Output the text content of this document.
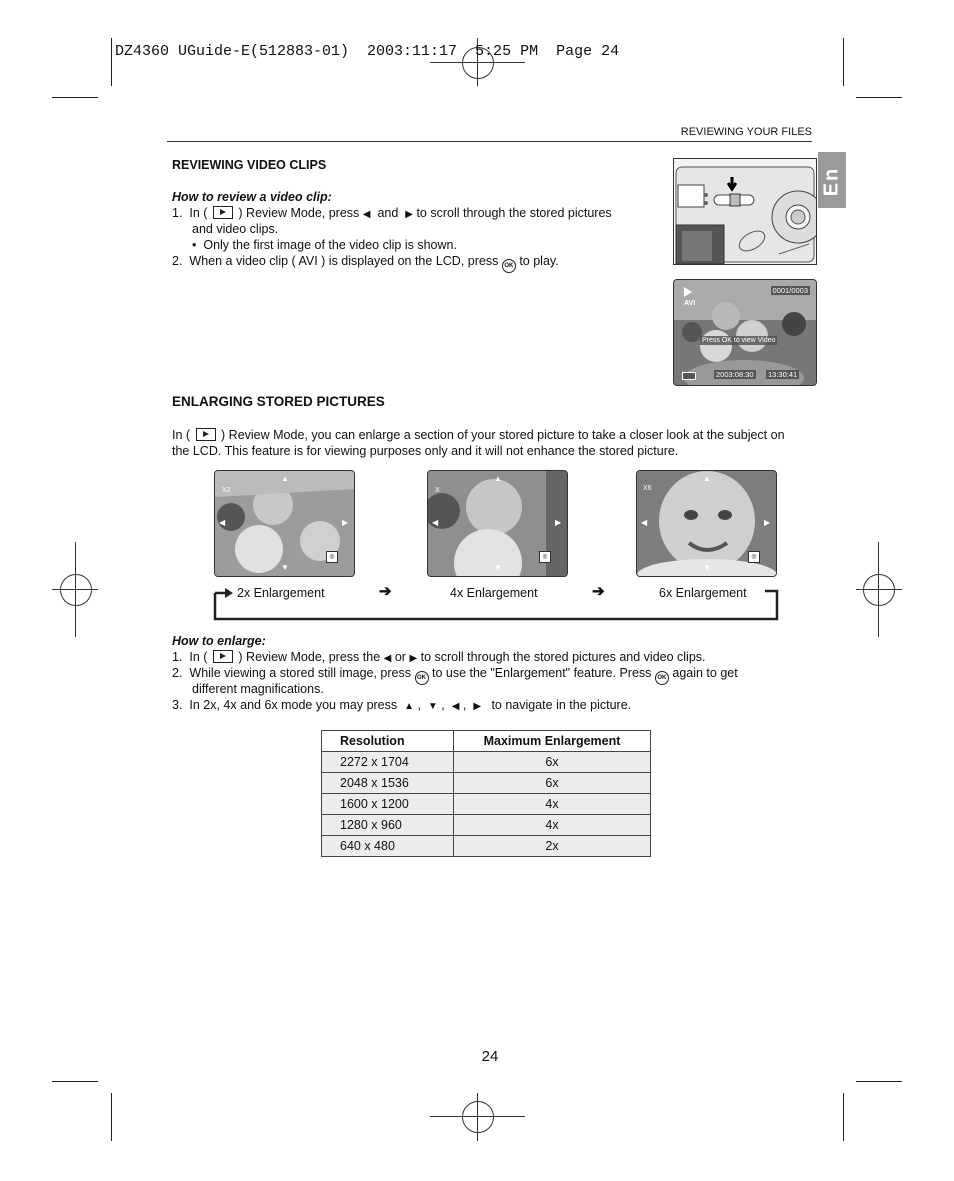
DZ4360 UGuide-E(512883-01)  2003:11:17  5:25 PM  Page 24
REVIEWING YOUR FILES
En
REVIEWING VIDEO CLIPS
How to review a video clip:
1. In ( ) Review Mode, press ◀ and ▶ to scroll through the stored pictures
and video clips.
• Only the first image of the video clip is shown.
2. When a video clip ( AVI ) is displayed on the LCD, press OK to play.
AVI
0001/0003
Press OK to view Video
2003:08:30 13:30:41
ENLARGING STORED PICTURES
In ( ) Review Mode, you can enlarge a section of your stored picture to take a closer look at the subject on
the LCD. This feature is for viewing purposes only and it will not enhance the stored picture.
X2	X	X6
▲
▼
◀	▶
◎
▲
▼
◀	▶
◎
▲
▼
◀	▶
◎
2x Enlargement	➔	4x Enlargement	➔	6x Enlargement
How to enlarge:
1. In ( ) Review Mode, press the ◀ or ▶ to scroll through the stored pictures and video clips.
2. While viewing a stored still image, press OK to use the "Enlargement" feature. Press OK again to get
different magnifications.
3. In 2x, 4x and 6x mode you may press ▲ ,  ▼ ,  ◀ ,  ▶ to navigate in the picture.
Resolution	Maximum Enlargement
2272 x 1704	6x
2048 x 1536	6x
1600 x 1200	4x
1280 x 960	4x
640 x 480	2x
24
